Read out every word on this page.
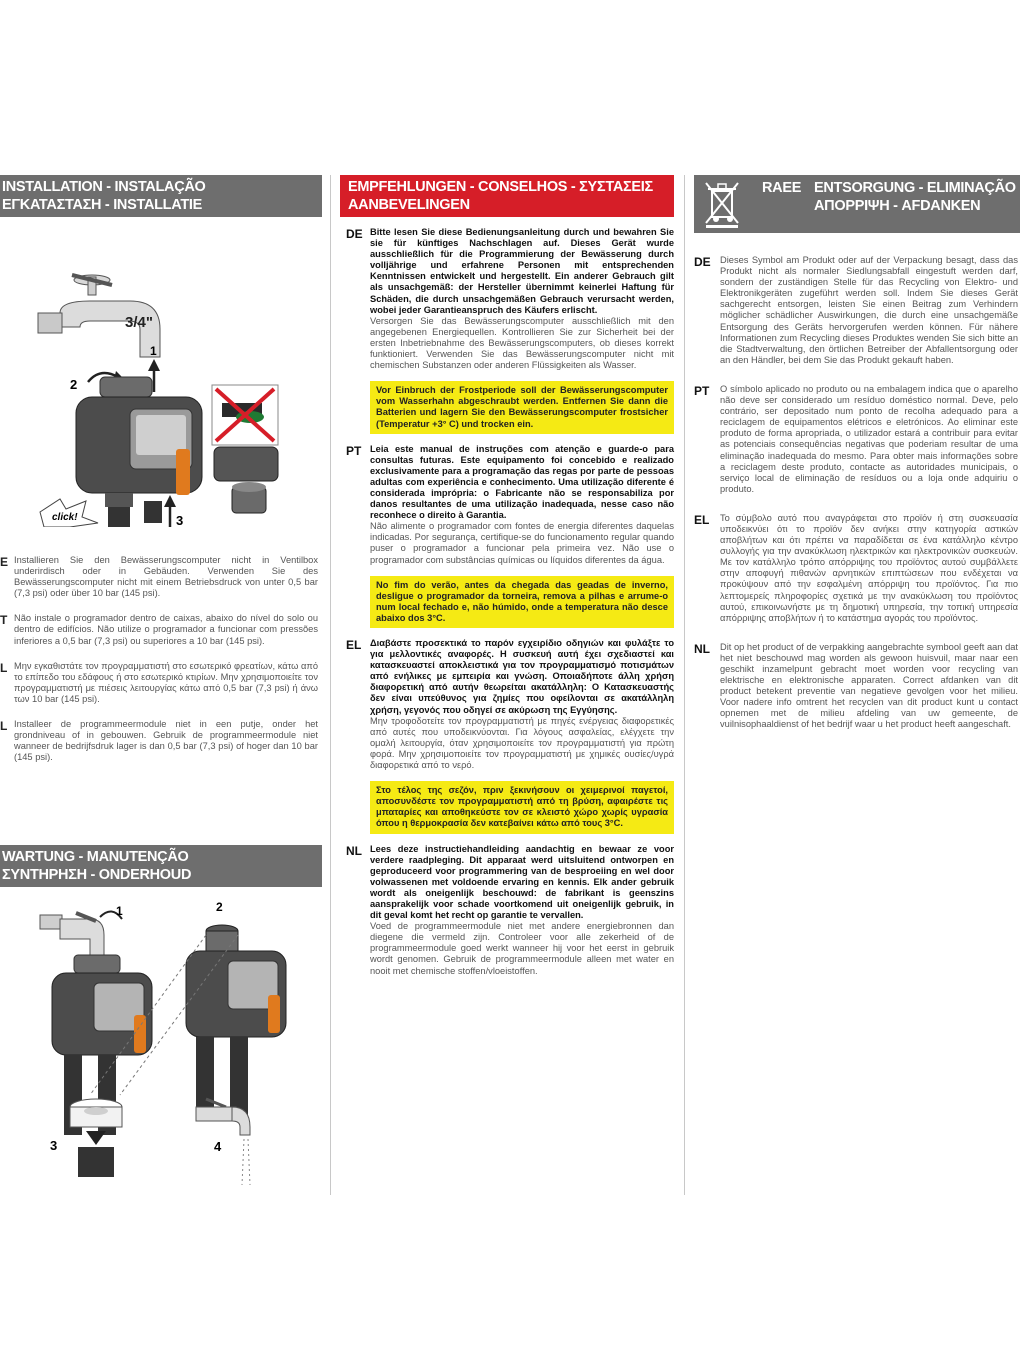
INSTALLATION - INSTALAÇÃO
ΕΓΚΑΤΑΣΤΑΣΗ - INSTALLATIE
3/4"
2
1
click!	3
E Installieren Sie den Bewässerungscomputer nicht in Ventilbox underirdisch oder in Gebäuden. Verwenden Sie des Bewässerungscomputer nicht mit einem Betriebsdruck von unter 0,5 bar (7,3 psi) oder über 10 bar (145 psi).

T Não instale o programador dentro de caixas, abaixo do nível do solo ou dentro de edifícios. Não utilize o programador a funcionar com pressões inferiores a 0,5 bar (7,3 psi) ou superiores a 10 bar (145 psi).

L Μην εγκαθιστάτε τον προγραμματιστή στο εσωτερικό φρεατίων, κάτω από το επίπεδο του εδάφους ή στο εσωτερικό κτιρίων. Μην χρησιμοποιείτε τον προγραμματιστή με πιέσεις λειτουργίας κάτω από 0,5 bar (7,3 psi) ή άνω των 10 bar (145 psi).

L Installeer de programmeermodule niet in een putje, onder het grondniveau of in gebouwen. Gebruik de programmeermodule niet wanneer de bedrijfsdruk lager is dan 0,5 bar (7,3 psi) of hoger dan 10 bar (145 psi).

WARTUNG - MANUTENÇÃO
ΣΥΝΤΗΡΗΣΗ - ONDERHOUD
1	2
3	4
EMPFEHLUNGEN - CONSELHOS - ΣΥΣΤΑΣΕΙΣ
AANBEVELINGEN
DE Bitte lesen Sie diese Bedienungsanleitung durch und bewahren Sie sie für künftiges Nachschlagen auf. Dieses Gerät wurde ausschließlich für die Programmierung der Bewässerung durch volljährige und erfahrene Personen mit entsprechenden Kenntnissen entwickelt und hergestellt. Ein anderer Gebrauch gilt als unsachgemäß: der Hersteller übernimmt keinerlei Haftung für Schäden, die durch unsachgemäßen Gebrauch verursacht werden, wobei jeder Garantieanspruch des Käufers erlischt.

Versorgen Sie das Bewässerungscomputer ausschließlich mit den angegebenen Energiequellen. Kontrollieren Sie zur Sicherheit bei der ersten Inbetriebnahme des Bewässerungscomputers, ob dieses korrekt funktioniert. Verwenden Sie das Bewässerungscomputer nicht mit chemischen Substanzen oder anderen Flüssigkeiten als Wasser.

Vor Einbruch der Frostperiode soll der Bewässerungscomputer vom Wasserhahn abgeschraubt werden. Entfernen Sie dann die Batterien und lagern Sie den Bewässerungscomputer frostsicher (Temperatur +3° C) und trocken ein.
PT Leia este manual de instruções com atenção e guarde-o para consultas futuras. Este equipamento foi concebido e realizado exclusivamente para a programação das regas por parte de pessoas adultas com experiência e conhecimento. Uma utilização diferente é considerada imprópria: o Fabricante não se responsabiliza por danos resultantes de uma utilização inadequada, nesse caso não reconhece o direito à Garantia.

Não alimente o programador com fontes de energia diferentes daquelas indicadas. Por segurança, certifique-se do funcionamento regular quando puser o programador a funcionar pela primeira vez. Não use o programador com substâncias químicas ou líquidos diferentes da água.

No fim do verão, antes da chegada das geadas de inverno, desligue o programador da torneira, remova a pilhas e arrume-o num local fechado e, não húmido, onde a temperatura não desce abaixo dos 3°C.
EL Διαβάστε προσεκτικά το παρόν εγχειρίδιο οδηγιών και φυλάξτε το για μελλοντικές αναφορές. Η συσκευή αυτή έχει σχεδιαστεί και κατασκευαστεί αποκλειστικά για τον προγραμματισμό ποτισμάτων από ενήλικες με εμπειρία και γνώση. Οποιαδήποτε άλλη χρήση διαφορετική από αυτήν θεωρείται ακατάλληλη: Ο Κατασκευαστής δεν είναι υπεύθυνος για ζημίες που οφείλονται σε ακατάλληλη χρήση, γεγονός που οδηγεί σε ακύρωση της Εγγύησης.

Μην τροφοδοτείτε τον προγραμματιστή με πηγές ενέργειας διαφορετικές από αυτές που υποδεικνύονται. Για λόγους ασφαλείας, ελέγχετε την ομαλή λειτουργία, όταν χρησιμοποιείτε τον προγραμματιστή για πρώτη φορά. Μην χρησιμοποιείτε τον προγραμματιστή με χημικές ουσίες/υγρά διαφορετικά από το νερό.

Στο τέλος της σεζόν, πριν ξεκινήσουν οι χειμερινοί παγετοί, αποσυνδέστε τον προγραμματιστή από τη βρύση, αφαιρέστε τις μπαταρίες και αποθηκεύστε τον σε κλειστό χώρο χωρίς υγρασία όπου η θερμοκρασία δεν κατεβαίνει κάτω από τους 3°C.
NL Lees deze instructiehandleiding aandachtig en bewaar ze voor verdere raadpleging. Dit apparaat werd uitsluitend ontworpen en geproduceerd voor programmering van de besproeiing en wel door volwassenen met voldoende ervaring en kennis. Elk ander gebruik wordt als oneigenlijk beschouwd: de fabrikant is geenszins aansprakelijk voor schade voortkomend uit oneigenlijk gebruik, in dit geval komt het recht op garantie te vervallen.

Voed de programmeermodule niet met andere energiebronnen dan diegene die vermeld zijn. Controleer voor alle zekerheid of de programmeermodule goed werkt wanneer hij voor het eerst in gebruik wordt genomen. Gebruik de programmeermodule alleen met water en nooit met chemische stoffen/vloeistoffen.

RAEE ENTSORGUNG - ELIMINAÇÃO
ΑΠΟΡΡΙΨΗ - AFDANKEN
DE Dieses Symbol am Produkt oder auf der Verpackung besagt, dass das Produkt nicht als normaler Siedlungsabfall eingestuft werden darf, sondern der zuständigen Stelle für das Recycling von Elektro- und Elektronikgeräten zugeführt werden soll. Indem Sie dieses Gerät sachgerecht entsorgen, leisten Sie einen Beitrag zum Verhindern möglicher schädlicher Auswirkungen, die durch eine unsachgemäße Entsorgung des Geräts hervorgerufen werden können. Für nähere Informationen zum Recycling dieses Produktes wenden Sie sich bitte an die Stadtverwaltung, den örtlichen Betreiber der Abfallentsorgung oder an den Händler, bei dem Sie das Produkt gekauft haben.

PT O símbolo aplicado no produto ou na embalagem indica que o aparelho não deve ser considerado um resíduo doméstico normal. Deve, pelo contrário, ser depositado num ponto de recolha adequado para a reciclagem de equipamentos elétricos e eletrónicos. Ao eliminar este produto de forma apropriada, o utilizador estará a contribuir para evitar as potenciais consequências negativas que poderiam resultar de uma eliminação inadequada do mesmo. Para obter mais informações sobre a reciclagem deste produto, contacte as autoridades municipais, o serviço local de eliminação de resíduos ou a loja onde adquiriu o produto.

EL Το σύμβολο αυτό που αναγράφεται στο προϊόν ή στη συσκευασία υποδεικνύει ότι το προϊόν δεν ανήκει στην κατηγορία αστικών αποβλήτων και ότι πρέπει να παραδίδεται σε ένα κατάλληλο κέντρο συλλογής για την ανακύκλωση ηλεκτρικών και ηλεκτρονικών συσκευών. Με τον κατάλληλο τρόπο απόρριψης του προϊόντος αυτού συμβάλλετε στην αποφυγή πιθανών αρνητικών επιπτώσεων που ενδέχεται να προκύψουν από την εσφαλμένη απόρριψη του προϊόντος. Για πιο λεπτομερείς πληροφορίες σχετικά με την ανακύκλωση του προϊόντος αυτού, επικοινωνήστε με τη δημοτική υπηρεσία, την τοπική υπηρεσία απόρριψης αποβλήτων ή το κατάστημα αγοράς του προϊόντος.

NL Dit op het product of de verpakking aangebrachte symbool geeft aan dat het niet beschouwd mag worden als gewoon huisvuil, maar naar een geschikt inzamelpunt gebracht moet worden voor recycling van elektrische en elektronische apparaten. Correct afdanken van dit product betekent preventie van negatieve gevolgen voor het milieu. Voor nadere info omtrent het recyclen van dit product kunt u contact opnemen met de milieu afdeling van uw gemeente, de vuilnisophaaldienst of het bedrijf waar u het product heeft aangeschaft.
